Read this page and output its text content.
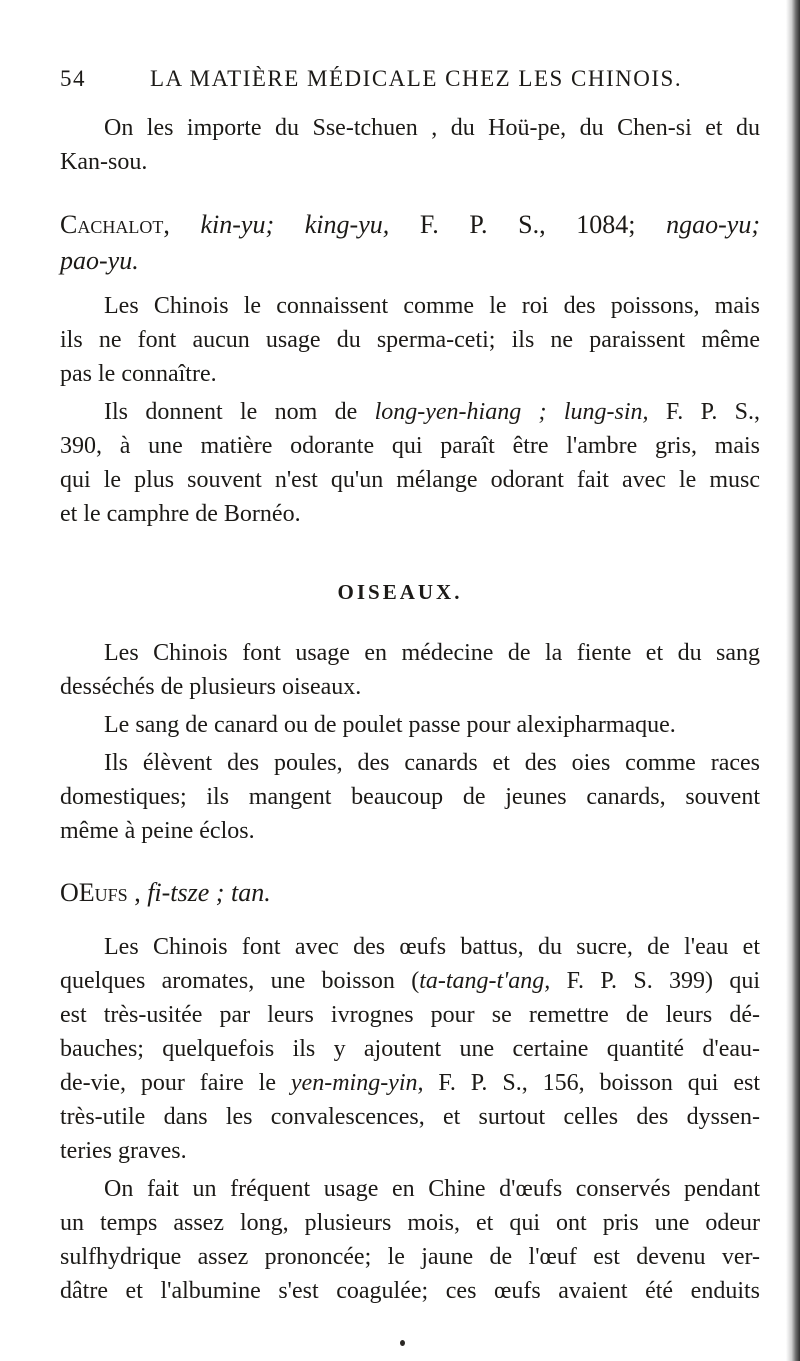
54	LA MATIÈRE MÉDICALE CHEZ LES CHINOIS.
On les importe du Sse-tchuen , du Hoü-pe, du Chen-si et du
Kan-sou.
Cachalot, kin-yu; king-yu, F. P. S., 1084; ngao-yu;
pao-yu.
Les Chinois le connaissent comme le roi des poissons, mais
ils ne font aucun usage du sperma-ceti; ils ne paraissent même
pas le connaître.
Ils donnent le nom de long-yen-hiang ; lung-sin, F. P. S.,
390, à une matière odorante qui paraît être l'ambre gris, mais
qui le plus souvent n'est qu'un mélange odorant fait avec le musc
et le camphre de Bornéo.
OISEAUX.
Les Chinois font usage en médecine de la fiente et du sang
desséchés de plusieurs oiseaux.
Le sang de canard ou de poulet passe pour alexipharmaque.
Ils élèvent des poules, des canards et des oies comme races
domestiques; ils mangent beaucoup de jeunes canards, souvent
même à peine éclos.
OEufs , fi-tsze ; tan.
Les Chinois font avec des œufs battus, du sucre, de l'eau et
quelques aromates, une boisson (ta-tang-t'ang, F. P. S. 399) qui
est très-usitée par leurs ivrognes pour se remettre de leurs dé-
bauches; quelquefois ils y ajoutent une certaine quantité d'eau-
de-vie, pour faire le yen-ming-yin, F. P. S., 156, boisson qui est
très-utile dans les convalescences, et surtout celles des dyssen-
teries graves.
On fait un fréquent usage en Chine d'œufs conservés pendant
un temps assez long, plusieurs mois, et qui ont pris une odeur
sulfhydrique assez prononcée; le jaune de l'œuf est devenu ver-
dâtre et l'albumine s'est coagulée; ces œufs avaient été enduits
